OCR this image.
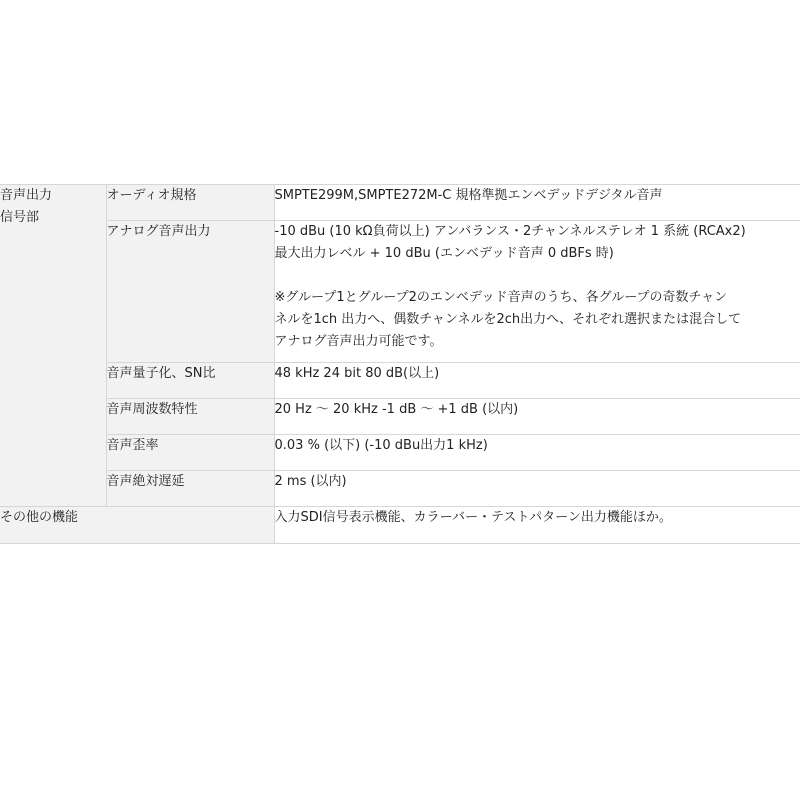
音声出力
信号部	オーディオ規格	SMPTE299M,SMPTE272M-C 規格準拠エンベデッドデジタル音声
	アナログ音声出力	-10 dBu (10 kΩ負荷以上) アンバランス・2チャンネルステレオ 1 系統 (RCAx2)

最大出力レベル + 10 dBu (エンベデッド音声 0 dBFs 時)

※グループ1とグループ2のエンベデッド音声のうち、各グループの奇数チャン

ネルを1ch 出力へ、偶数チャンネルを2ch出力へ、それぞれ選択または混合して

アナログ音声出力可能です。

	音声量子化、SN比	48 kHz 24 bit 80 dB(以上)
	音声周波数特性	20 Hz 〜 20 kHz -1 dB 〜 +1 dB (以内)
	音声歪率	0.03 % (以下) (-10 dBu出力1 kHz)
	音声絶対遅延	2 ms (以内)
その他の機能		入力SDI信号表示機能、カラーバー・テストパターン出力機能ほか。
